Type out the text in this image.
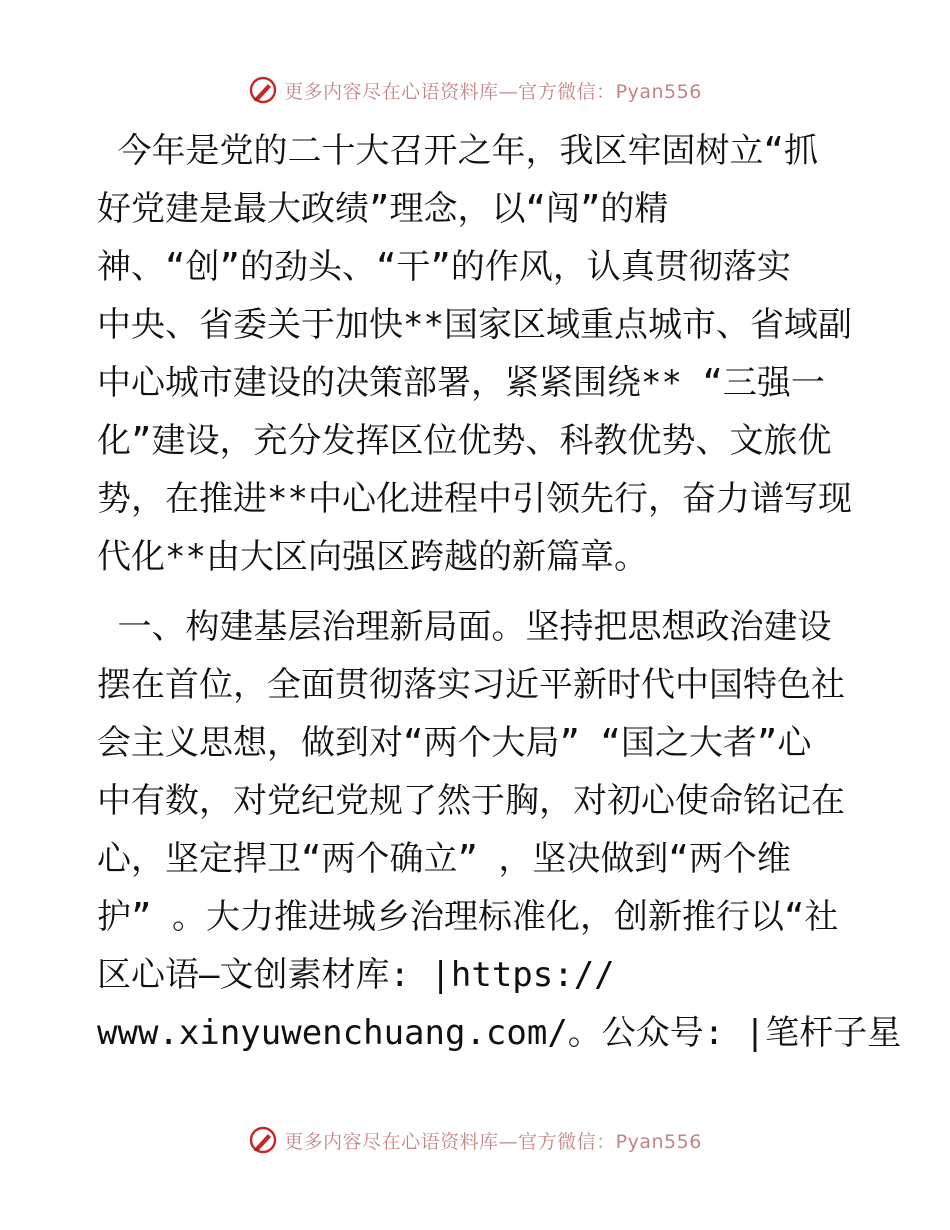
更多内容尽在心语资料库—官方微信：Pyan556
今年是党的二十大召开之年，我区牢固树立“抓
好党建是最大政绩”理念，以“闯”的精
神、“创”的劲头、“干”的作风，认真贯彻落实
中央、省委关于加快**国家区域重点城市、省域副
中心城市建设的决策部署，紧紧围绕** “三强一
化”建设，充分发挥区位优势、科教优势、文旅优
势，在推进**中心化进程中引领先行，奋力谱写现
代化**由大区向强区跨越的新篇章。
一、构建基层治理新局面。坚持把思想政治建设
摆在首位，全面贯彻落实习近平新时代中国特色社
会主义思想，做到对“两个大局” “国之大者”心
中有数，对党纪党规了然于胸，对初心使命铭记在
心，坚定捍卫“两个确立” ，坚决做到“两个维
护” 。大力推进城乡治理标准化，创新推行以“社
区心语—文创素材库: |https://
www.xinyuwenchuang.com/。公众号: |笔杆子星
更多内容尽在心语资料库—官方微信：Pyan556
